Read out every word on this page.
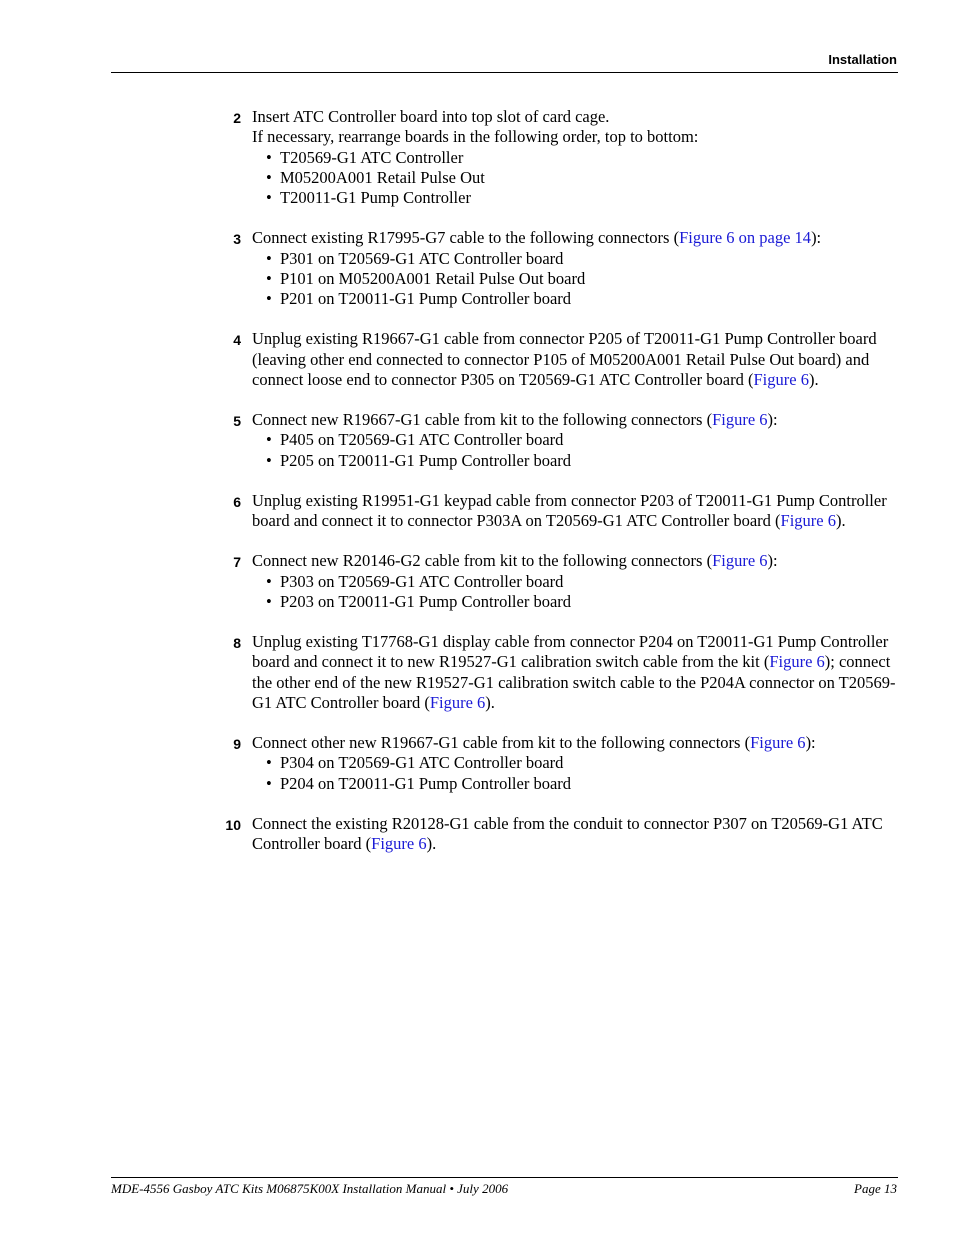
Installation
2 Insert ATC Controller board into top slot of card cage.
If necessary, rearrange boards in the following order, top to bottom:
• T20569-G1 ATC Controller
• M05200A001 Retail Pulse Out
• T20011-G1 Pump Controller
3 Connect existing R17995-G7 cable to the following connectors (Figure 6 on page 14):
• P301 on T20569-G1 ATC Controller board
• P101 on M05200A001 Retail Pulse Out board
• P201 on T20011-G1 Pump Controller board
4 Unplug existing R19667-G1 cable from connector P205 of T20011-G1 Pump Controller board (leaving other end connected to connector P105 of M05200A001 Retail Pulse Out board) and connect loose end to connector P305 on T20569-G1 ATC Controller board (Figure 6).
5 Connect new R19667-G1 cable from kit to the following connectors (Figure 6):
• P405 on T20569-G1 ATC Controller board
• P205 on T20011-G1 Pump Controller board
6 Unplug existing R19951-G1 keypad cable from connector P203 of T20011-G1 Pump Controller board and connect it to connector P303A on T20569-G1 ATC Controller board (Figure 6).
7 Connect new R20146-G2 cable from kit to the following connectors (Figure 6):
• P303 on T20569-G1 ATC Controller board
• P203 on T20011-G1 Pump Controller board
8 Unplug existing T17768-G1 display cable from connector P204 on T20011-G1 Pump Controller board and connect it to new R19527-G1 calibration switch cable from the kit (Figure 6); connect the other end of the new R19527-G1 calibration switch cable to the P204A connector on T20569-G1 ATC Controller board (Figure 6).
9 Connect other new R19667-G1 cable from kit to the following connectors (Figure 6):
• P304 on T20569-G1 ATC Controller board
• P204 on T20011-G1 Pump Controller board
10 Connect the existing R20128-G1 cable from the conduit to connector P307 on T20569-G1 ATC Controller board (Figure 6).
MDE-4556 Gasboy ATC Kits M06875K00X Installation Manual • July 2006	Page 13
